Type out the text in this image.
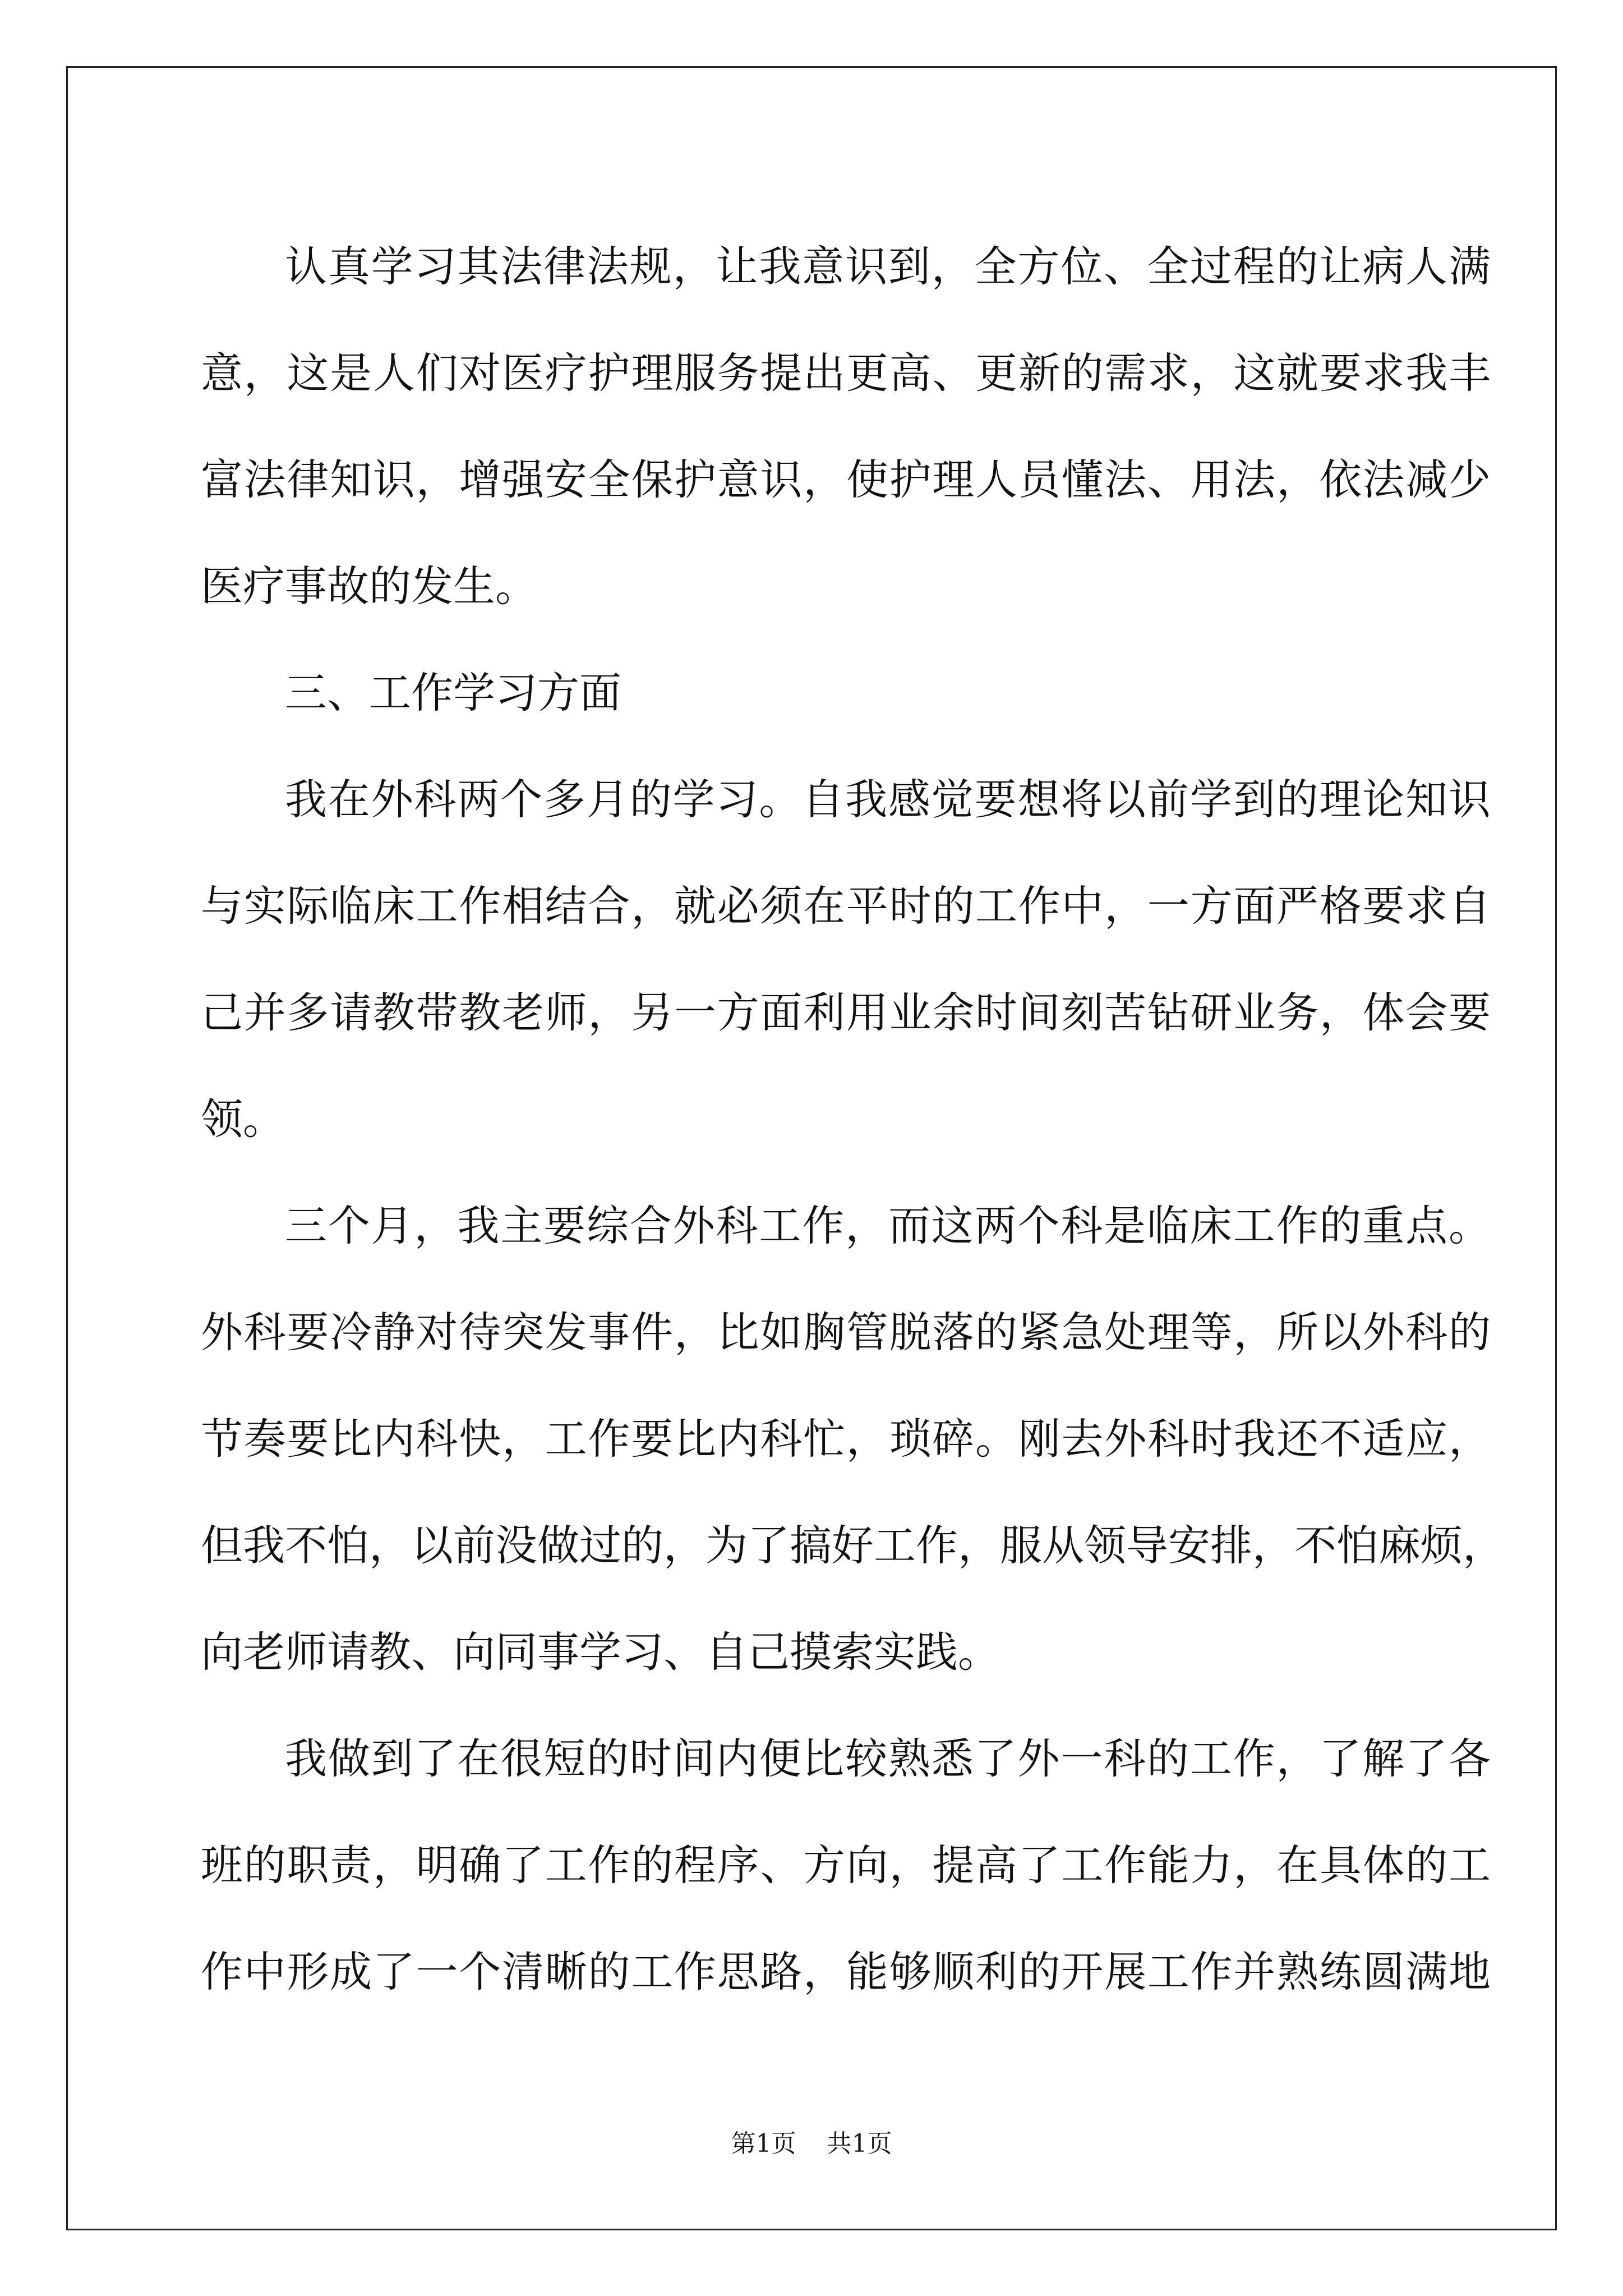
认真学习其法律法规，让我意识到，全方位、全过程的让病人满

意，这是人们对医疗护理服务提出更高、更新的需求，这就要求我丰

富法律知识，增强安全保护意识，使护理人员懂法、用法，依法减少

医疗事故的发生。

三、工作学习方面

我在外科两个多月的学习。自我感觉要想将以前学到的理论知识

与实际临床工作相结合，就必须在平时的工作中，一方面严格要求自

己并多请教带教老师，另一方面利用业余时间刻苦钻研业务，体会要

领。

三个月，我主要综合外科工作，而这两个科是临床工作的重点。

外科要冷静对待突发事件，比如胸管脱落的紧急处理等，所以外科的

节奏要比内科快，工作要比内科忙，琐碎。刚去外科时我还不适应，

但我不怕，以前没做过的，为了搞好工作，服从领导安排，不怕麻烦，

向老师请教、向同事学习、自己摸索实践。

我做到了在很短的时间内便比较熟悉了外一科的工作，了解了各

班的职责，明确了工作的程序、方向，提高了工作能力，在具体的工

作中形成了一个清晰的工作思路，能够顺利的开展工作并熟练圆满地

第1页 共1页
